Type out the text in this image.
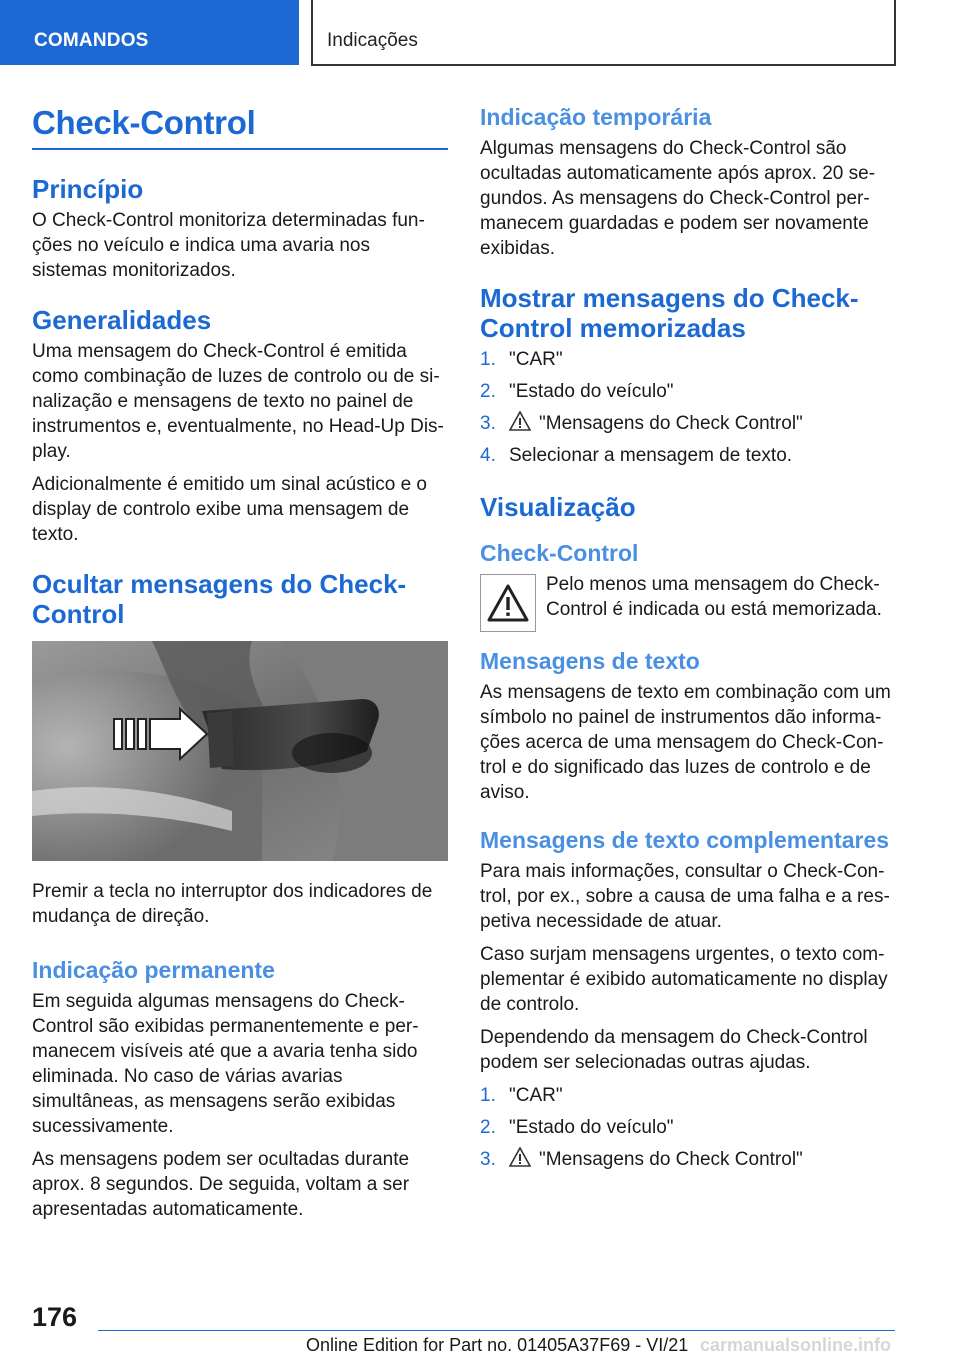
COMANDOS	Indicações
Check-Control
Princípio
O Check-Control monitoriza determinadas funções no veículo e indica uma avaria nos sistemas monitorizados.
Generalidades
Uma mensagem do Check-Control é emitida como combinação de luzes de controlo ou de sinalização e mensagens de texto no painel de instrumentos e, eventualmente, no Head-Up Display.
Adicionalmente é emitido um sinal acústico e o display de controlo exibe uma mensagem de texto.
Ocultar mensagens do Check-Control
Premir a tecla no interruptor dos indicadores de mudança de direção.
Indicação permanente
Em seguida algumas mensagens do Check-Control são exibidas permanentemente e permanecem visíveis até que a avaria tenha sido eliminada. No caso de várias avarias simultâneas, as mensagens serão exibidas sucessivamente.
As mensagens podem ser ocultadas durante aprox. 8 segundos. De seguida, voltam a ser apresentadas automaticamente.
Indicação temporária
Algumas mensagens do Check-Control são ocultadas automaticamente após aprox. 20 segundos. As mensagens do Check-Control permanecem guardadas e podem ser novamente exibidas.
Mostrar mensagens do Check-Control memorizadas
1. "CAR"
2. "Estado do veículo"
3. "Mensagens do Check Control"
4. Selecionar a mensagem de texto.
Visualização
Check-Control
Pelo menos uma mensagem do Check-Control é indicada ou está memorizada.
Mensagens de texto
As mensagens de texto em combinação com um símbolo no painel de instrumentos dão informações acerca de uma mensagem do Check-Control e do significado das luzes de controlo e de aviso.
Mensagens de texto complementares
Para mais informações, consultar o Check-Control, por ex., sobre a causa de uma falha e a respetiva necessidade de atuar.
Caso surjam mensagens urgentes, o texto complementar é exibido automaticamente no display de controlo.
Dependendo da mensagem do Check-Control podem ser selecionadas outras ajudas.
1. "CAR"
2. "Estado do veículo"
3. "Mensagens do Check Control"
176
Online Edition for Part no. 01405A37F69 - VI/21 carmanualsonline.info
